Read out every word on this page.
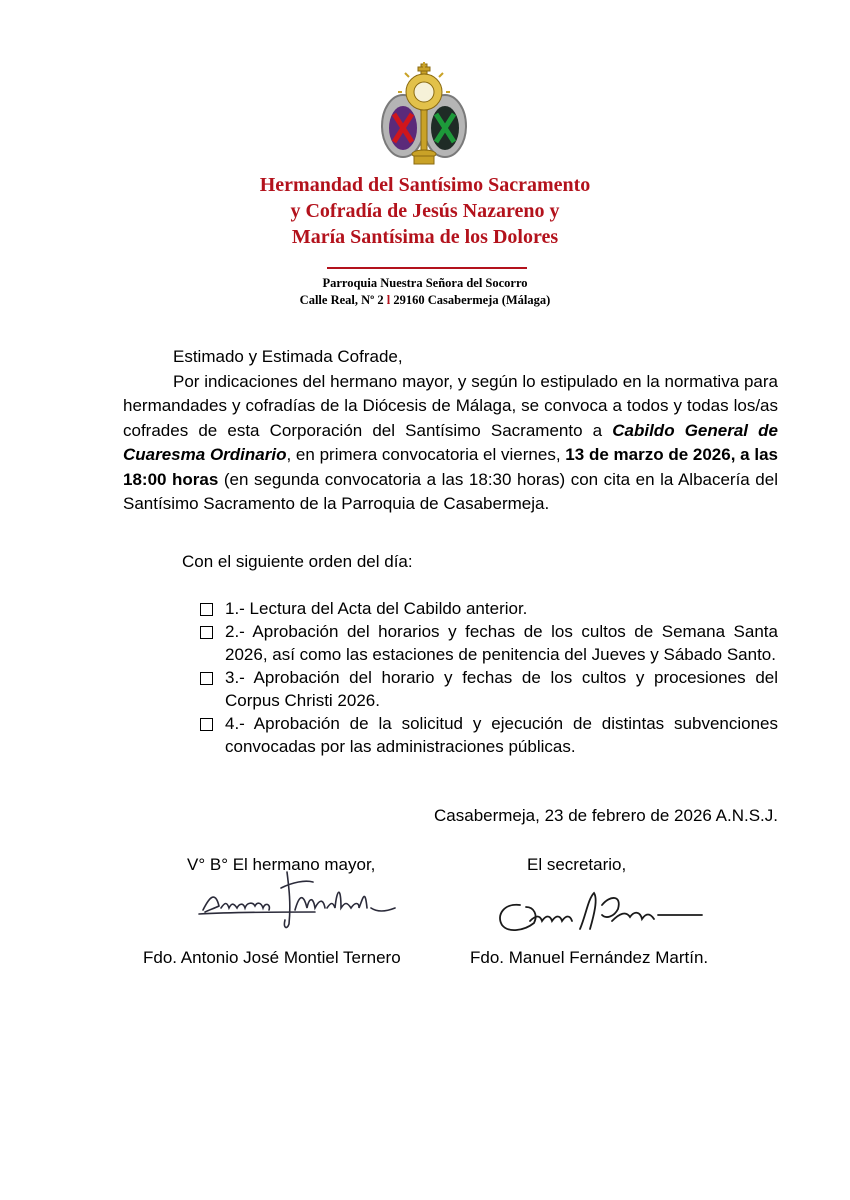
Hermandad del Santísimo Sacramento
y Cofradía de Jesús Nazareno y
María Santísima de los Dolores
Parroquia Nuestra Señora del Socorro
Calle Real, Nº 2 l 29160 Casabermeja (Málaga)
Estimado y Estimada Cofrade,
Por indicaciones del hermano mayor, y según lo estipulado en la normativa para hermandades y cofradías de la Diócesis de Málaga, se convoca a todos y todas los/as cofrades de esta Corporación del Santísimo Sacramento a Cabildo General de Cuaresma Ordinario, en primera convocatoria el viernes, 13 de marzo de 2026, a las 18:00 horas (en segunda convocatoria a las 18:30 horas) con cita en la Albacería del Santísimo Sacramento de la Parroquia de Casabermeja.
Con el siguiente orden del día:
1.- Lectura del Acta del Cabildo anterior.
2.- Aprobación del horarios y fechas de los cultos de Semana Santa 2026, así como las estaciones de penitencia del Jueves y Sábado Santo.
3.- Aprobación del horario y fechas de los cultos y procesiones del Corpus Christi 2026.
4.- Aprobación de la solicitud y ejecución de distintas subvenciones convocadas por las administraciones públicas.
Casabermeja, 23 de febrero de 2026 A.N.S.J.
V° B° El hermano mayor,	El secretario,
Fdo. Antonio José Montiel Ternero	Fdo. Manuel Fernández Martín.
